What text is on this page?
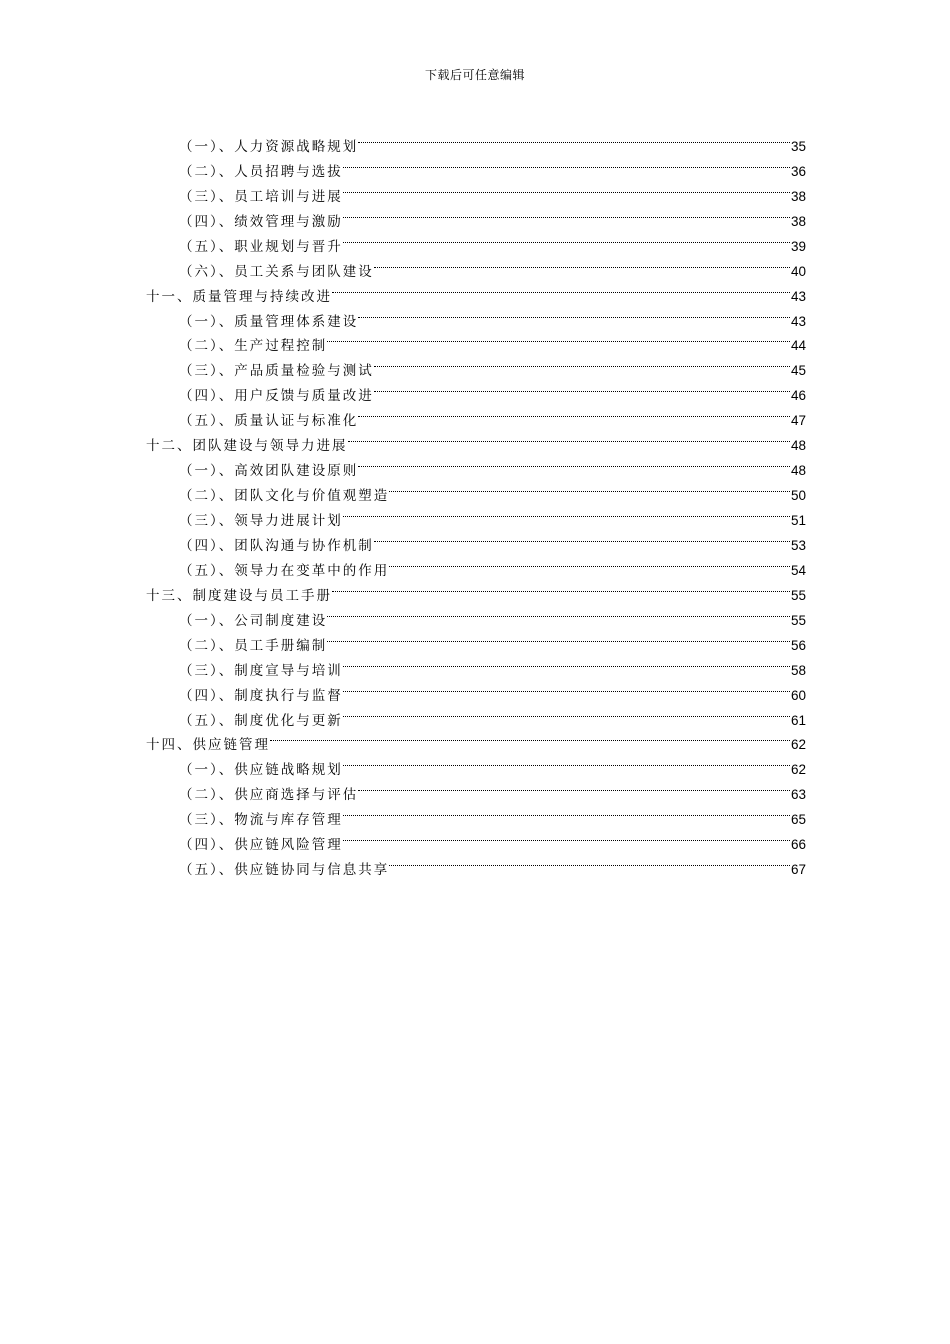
下载后可任意编辑
（一）、人力资源战略规划	35
（二）、人员招聘与选拔	36
（三）、员工培训与进展	38
（四）、绩效管理与激励	38
（五）、职业规划与晋升	39
（六）、员工关系与团队建设	40
十一、质量管理与持续改进	43
（一）、质量管理体系建设	43
（二）、生产过程控制	44
（三）、产品质量检验与测试	45
（四）、用户反馈与质量改进	46
（五）、质量认证与标准化	47
十二、团队建设与领导力进展	48
（一）、高效团队建设原则	48
（二）、团队文化与价值观塑造	50
（三）、领导力进展计划	51
（四）、团队沟通与协作机制	53
（五）、领导力在变革中的作用	54
十三、制度建设与员工手册	55
（一）、公司制度建设	55
（二）、员工手册编制	56
（三）、制度宣导与培训	58
（四）、制度执行与监督	60
（五）、制度优化与更新	61
十四、供应链管理	62
（一）、供应链战略规划	62
（二）、供应商选择与评估	63
（三）、物流与库存管理	65
（四）、供应链风险管理	66
（五）、供应链协同与信息共享	67
